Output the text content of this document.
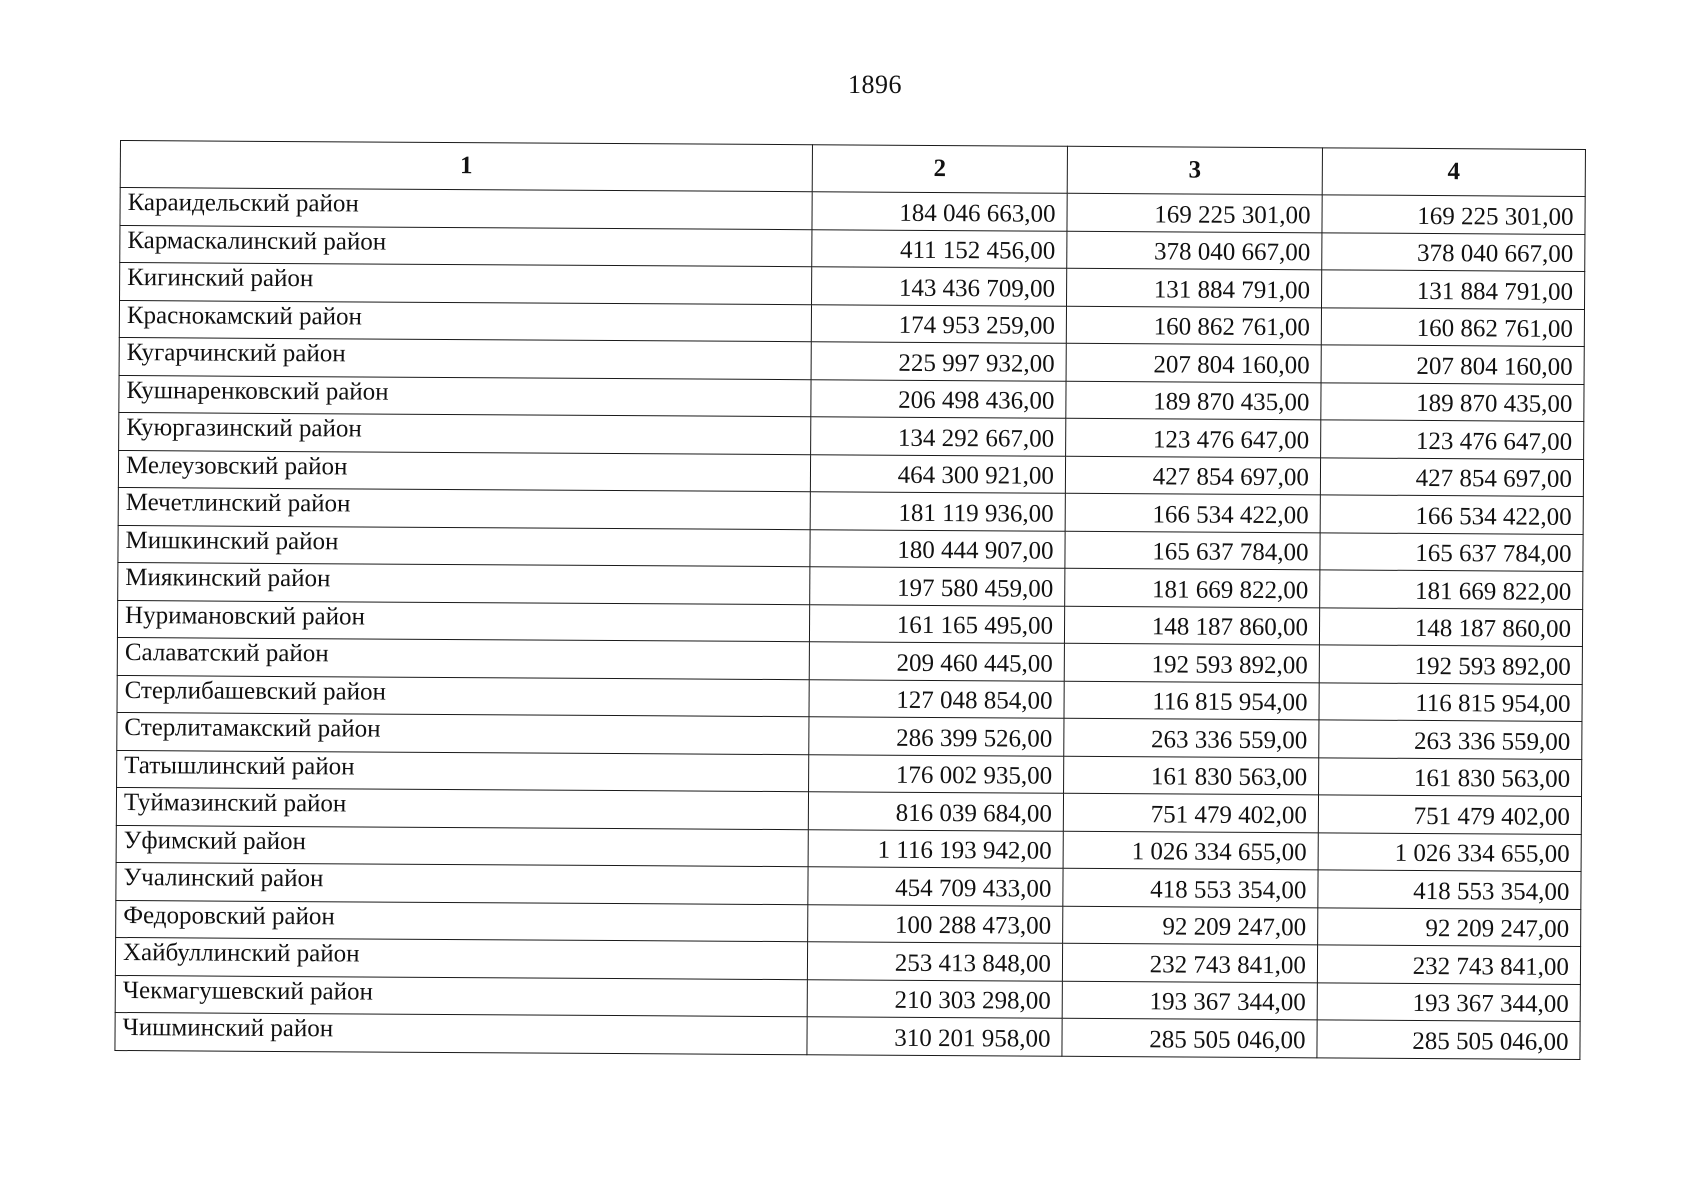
1896
1	2	3	4
Караидельский район	184 046 663,00	169 225 301,00	169 225 301,00
Кармаскалинский район	411 152 456,00	378 040 667,00	378 040 667,00
Кигинский район	143 436 709,00	131 884 791,00	131 884 791,00
Краснокамский район	174 953 259,00	160 862 761,00	160 862 761,00
Кугарчинский район	225 997 932,00	207 804 160,00	207 804 160,00
Кушнаренковский район	206 498 436,00	189 870 435,00	189 870 435,00
Куюргазинский район	134 292 667,00	123 476 647,00	123 476 647,00
Мелеузовский район	464 300 921,00	427 854 697,00	427 854 697,00
Мечетлинский район	181 119 936,00	166 534 422,00	166 534 422,00
Мишкинский район	180 444 907,00	165 637 784,00	165 637 784,00
Миякинский район	197 580 459,00	181 669 822,00	181 669 822,00
Нуримановский район	161 165 495,00	148 187 860,00	148 187 860,00
Салаватский район	209 460 445,00	192 593 892,00	192 593 892,00
Стерлибашевский район	127 048 854,00	116 815 954,00	116 815 954,00
Стерлитамакский район	286 399 526,00	263 336 559,00	263 336 559,00
Татышлинский район	176 002 935,00	161 830 563,00	161 830 563,00
Туймазинский район	816 039 684,00	751 479 402,00	751 479 402,00
Уфимский район	1 116 193 942,00	1 026 334 655,00	1 026 334 655,00
Учалинский район	454 709 433,00	418 553 354,00	418 553 354,00
Федоровский район	100 288 473,00	92 209 247,00	92 209 247,00
Хайбуллинский район	253 413 848,00	232 743 841,00	232 743 841,00
Чекмагушевский район	210 303 298,00	193 367 344,00	193 367 344,00
Чишминский район	310 201 958,00	285 505 046,00	285 505 046,00
